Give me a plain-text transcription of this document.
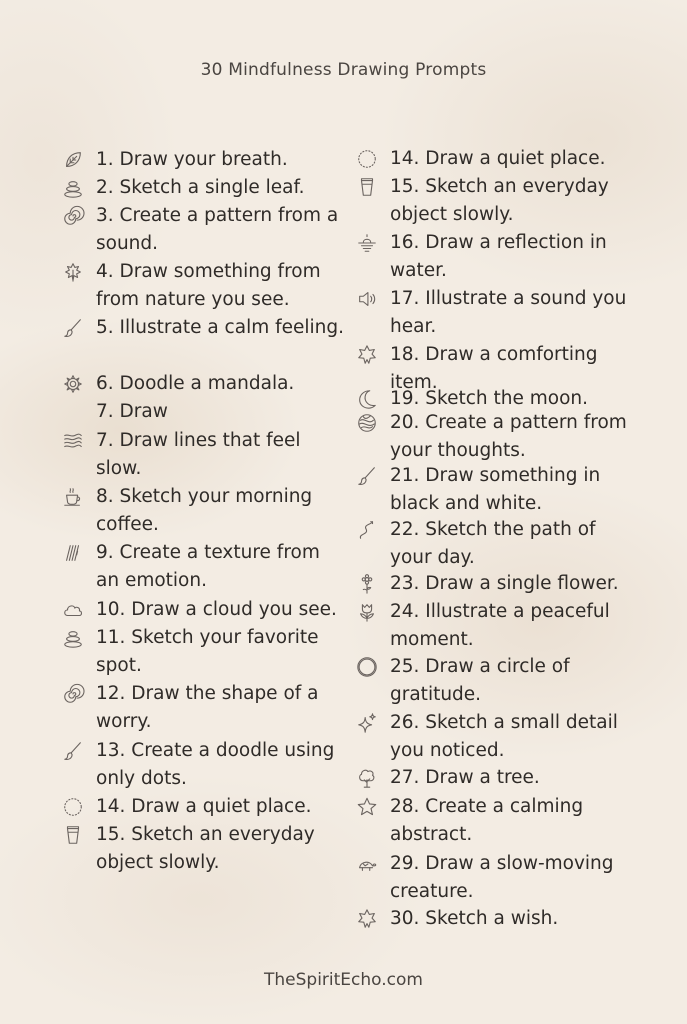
30 Mindfulness Drawing Prompts
1. Draw your breath.
2. Sketch a single leaf.
3. Create a pattern from a sound.
4. Draw something from from nature you see.
5. Illustrate a calm feeling.
6. Doodle a mandala.
7. Draw
7. Draw lines that feel slow.
8. Sketch your morning coffee.
9. Create a texture from an emotion.
10. Draw a cloud you see.
11. Sketch your favorite spot.
12. Draw the shape of a worry.
13. Create a doodle using only dots.
14. Draw a quiet place.
15. Sketch an everyday object slowly.
14. Draw a quiet place.
15. Sketch an everyday object slowly.
16. Draw a reflection in water.
17. Illustrate a sound you hear.
18. Draw a comforting item.
19. Sketch the moon.
20. Create a pattern from your thoughts.
21. Draw something in black and white.
22. Sketch the path of your day.
23. Draw a single flower.
24. Illustrate a peaceful moment.
25. Draw a circle of gratitude.
26. Sketch a small detail you noticed.
27. Draw a tree.
28. Create a calming abstract.
29. Draw a slow-moving creature.
30. Sketch a wish.
TheSpiritEcho.com
